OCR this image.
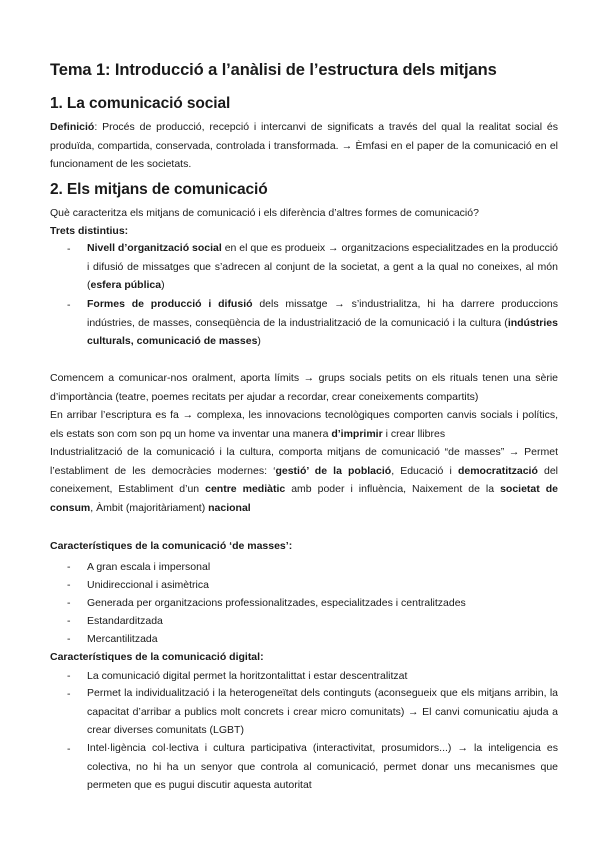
Tema 1: Introducció a l’anàlisi de l’estructura dels mitjans
1. La comunicació social
Definició: Procés de producció, recepció i intercanvi de significats a través del qual la realitat social és produïda, compartida, conservada, controlada i transformada. → Èmfasi en el paper de la comunicació en el funcionament de les societats.
2. Els mitjans de comunicació
Què caracteritza els mitjans de comunicació i els diferència d’altres formes de comunicació?
Trets distintius:
- Nivell d’organització social en el que es produeix → organitzacions especialitzades en la producció i difusió de missatges que s’adrecen al conjunt de la societat, a gent a la qual no coneixes, al món (esfera pública)
- Formes de producció i difusió dels missatge → s’industrialitza, hi ha darrere produccions indústries, de masses, conseqüència de la industrialització de la comunicació i la cultura (indústries culturals, comunicació de masses)
Comencem a comunicar-nos oralment, aporta límits → grups socials petits on els rituals tenen una sèrie d’importància (teatre, poemes recitats per ajudar a recordar, crear coneixements compartits)
En arribar l’escriptura es fa → complexa, les innovacions tecnològiques comporten canvis socials i polítics, els estats son com son pq un home va inventar una manera d’imprimir i crear llibres
Industrialització de la comunicació i la cultura, comporta mitjans de comunicació “de masses” → Permet l’establiment de les democràcies modernes: ‘gestió’ de la població, Educació i democratització del coneixement, Establiment d’un centre mediàtic amb poder i influència, Naixement de la societat de consum, Àmbit (majoritàriament) nacional
Característiques de la comunicació ‘de masses’:
- A gran escala i impersonal
- Unidireccional i asimètrica
- Generada per organitzacions professionalitzades, especialitzades i centralitzades
- Estandarditzada
- Mercantilitzada
Característiques de la comunicació digital:
- La comunicació digital permet la horitzontalittat i estar descentralitzat
- Permet la individualització i la heterogeneïtat dels continguts (aconsegueix que els mitjans arribin, la capacitat d’arribar a publics molt concrets i crear micro comunitats) → El canvi comunicatiu ajuda a crear diverses comunitats (LGBT)
- Intel·ligència col·lectiva i cultura participativa (interactivitat, prosumidors...) → la inteligencia es colectiva, no hi ha un senyor que controla al comunicació, permet donar uns mecanismes que permeten que es pugui discutir aquesta autoritat
